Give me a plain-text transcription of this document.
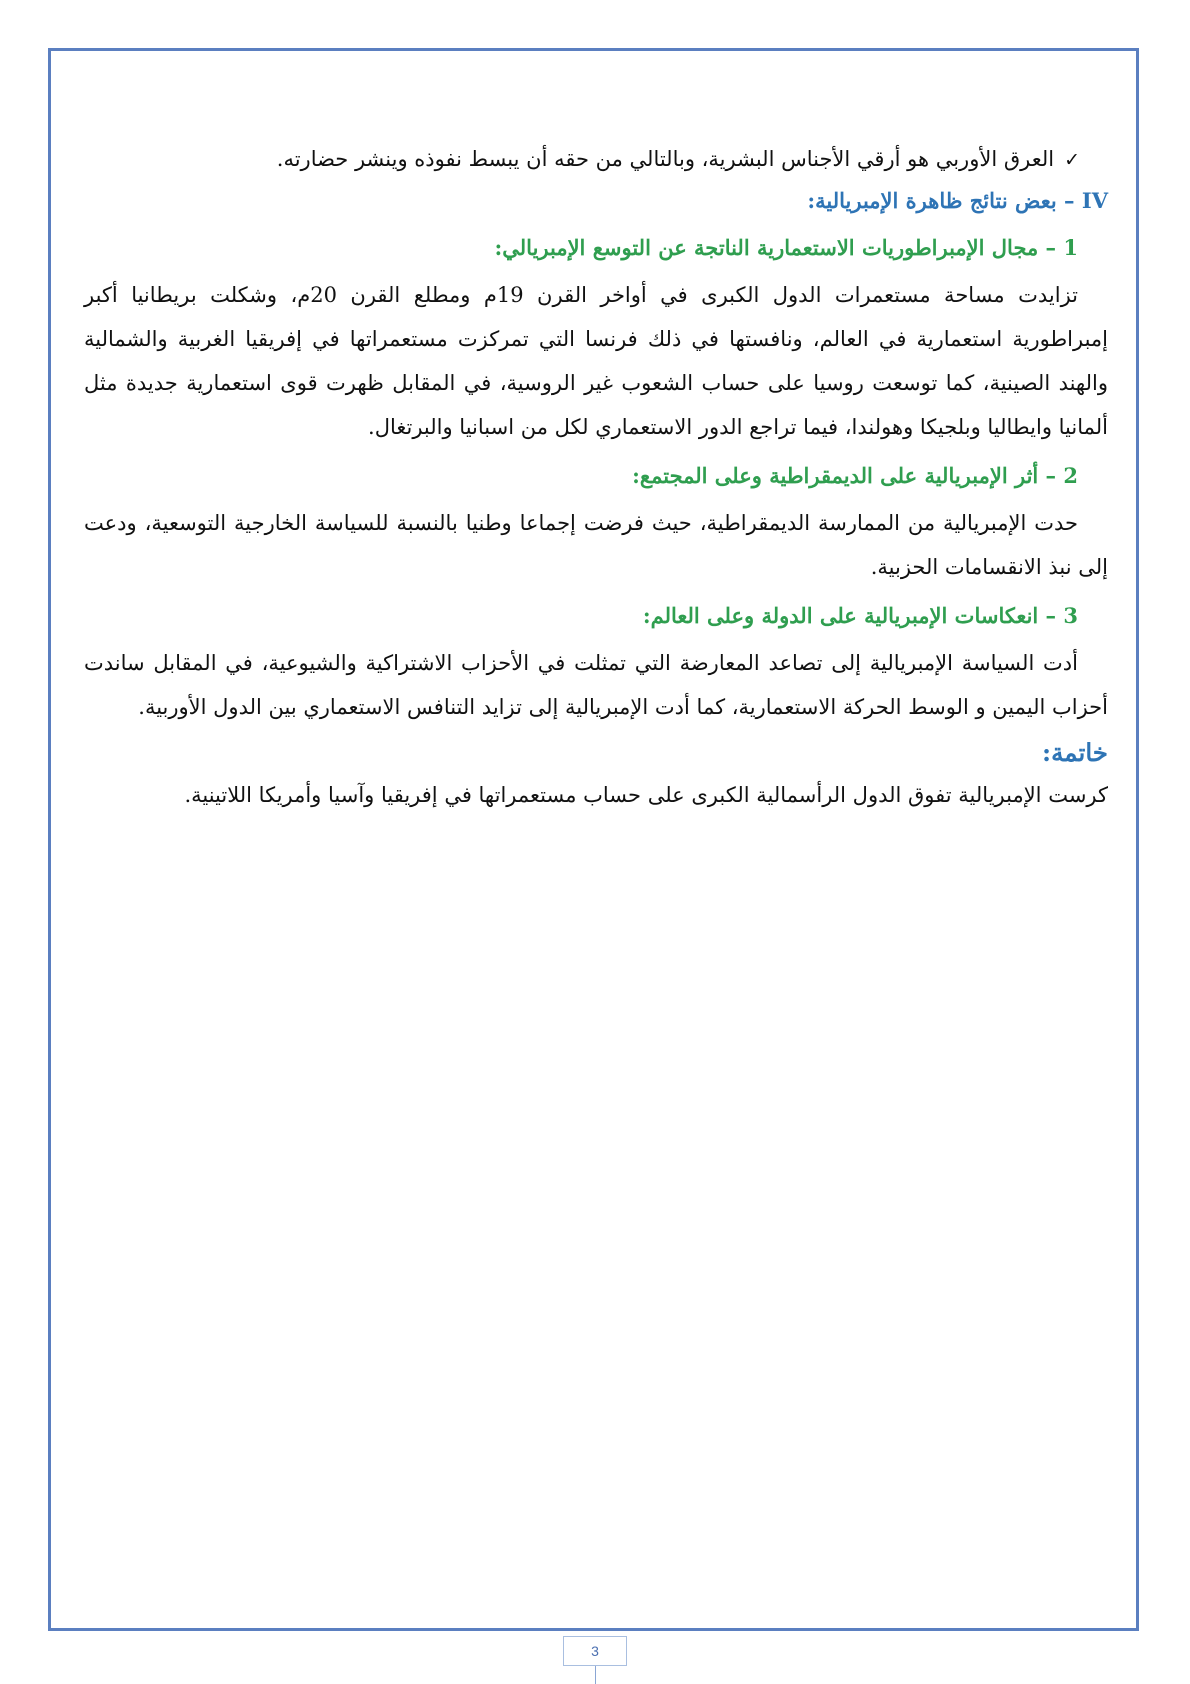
✓العرق الأوربي هو أرقي الأجناس البشرية، وبالتالي من حقه أن يبسط نفوذه وينشر حضارته.

IV – بعض نتائج ظاهرة الإمبريالية:
1 – مجال الإمبراطوريات الاستعمارية الناتجة عن التوسع الإمبريالي:

تزايدت مساحة مستعمرات الدول الكبرى في أواخر القرن 19م ومطلع القرن 20م، وشكلت بريطانيا أكبر إمبراطورية استعمارية في العالم، ونافستها في ذلك فرنسا التي تمركزت مستعمراتها في إفريقيا الغربية والشمالية والهند الصينية، كما توسعت روسيا على حساب الشعوب غير الروسية، في المقابل ظهرت قوى استعمارية جديدة مثل ألمانيا وايطاليا وبلجيكا وهولندا، فيما تراجع الدور الاستعماري لكل من اسبانيا والبرتغال.

2 – أثر الإمبريالية على الديمقراطية وعلى المجتمع:

حدت الإمبريالية من الممارسة الديمقراطية، حيث فرضت إجماعا وطنيا بالنسبة للسياسة الخارجية التوسعية، ودعت إلى نبذ الانقسامات الحزبية.

3 – انعكاسات الإمبريالية على الدولة وعلى العالم:

أدت السياسة الإمبريالية إلى تصاعد المعارضة التي تمثلت في الأحزاب الاشتراكية والشيوعية، في المقابل ساندت أحزاب اليمين و الوسط الحركة الاستعمارية، كما أدت الإمبريالية إلى تزايد التنافس الاستعماري بين الدول الأوربية.

خاتمة:

كرست الإمبريالية تفوق الدول الرأسمالية الكبرى على حساب مستعمراتها في إفريقيا وآسيا وأمريكا اللاتينية.

3
